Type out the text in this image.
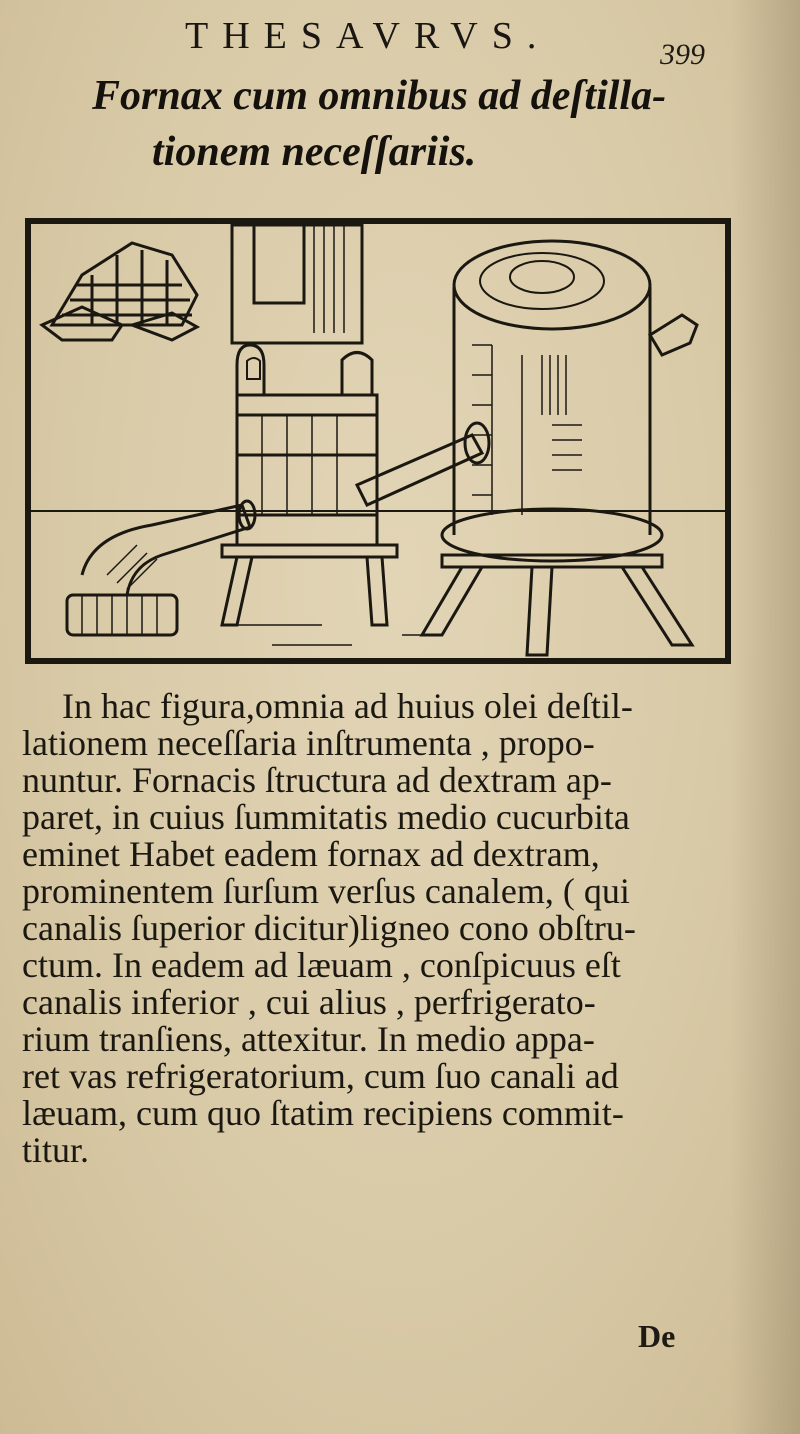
THESAVRVS.	399
Fornax cum omnibus ad deſtilla-
tionem neceſſariis.
In hac figura,omnia ad huius olei deſtil-
lationem neceſſaria inſtrumenta , propo-
nuntur. Fornacis ſtructura ad dextram ap-
paret, in cuius ſummitatis medio cucurbita
eminet Habet eadem fornax ad dextram,
prominentem ſurſum verſus canalem, ( qui
canalis ſuperior dicitur)ligneo cono obſtru-
ctum. In eadem ad læuam , conſpicuus eſt
canalis inferior , cui alius , perfrigerato-
rium tranſiens, attexitur. In medio appa-
ret vas refrigeratorium, cum ſuo canali ad
læuam, cum quo ſtatim recipiens commit-
titur.
De
